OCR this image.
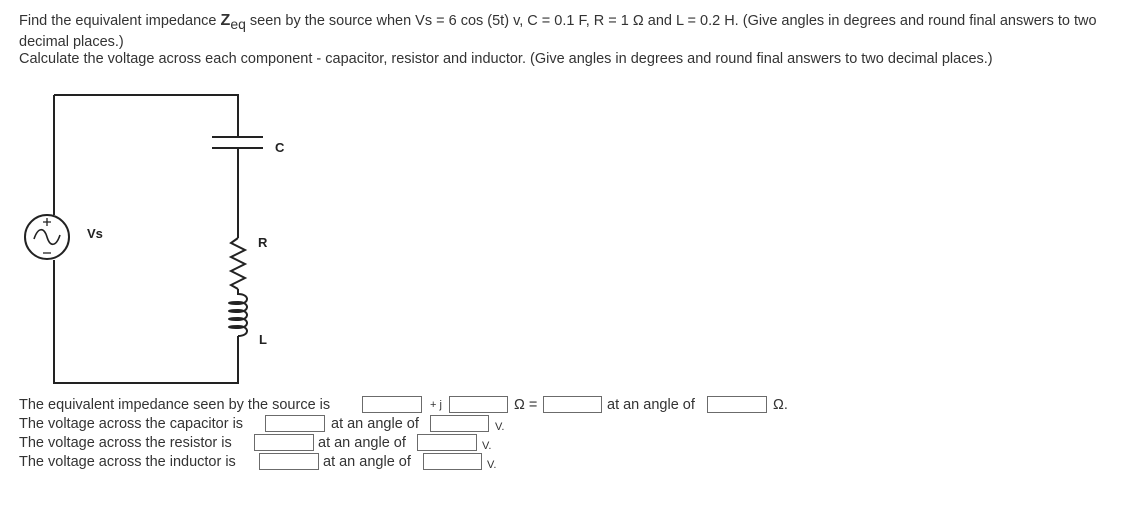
Find the equivalent impedance $Z_{eq}$ seen by the source when Vs = 6 cos (5t) v, C = 0.1 F, R = 1 Ω and L = 0.2 H. (Give angles in degrees and round final answers to two decimal places.)

Calculate the voltage across each component - capacitor, resistor and inductor. (Give angles in degrees and round final answers to two decimal places.)

Vs
C
R
L
The equivalent impedance seen by the source is	+ j	Ω =	at an angle of	Ω.
The voltage across the capacitor is	at an angle of	V.
The voltage across the resistor is	at an angle of	V.
The voltage across the inductor is	at an angle of	V.
